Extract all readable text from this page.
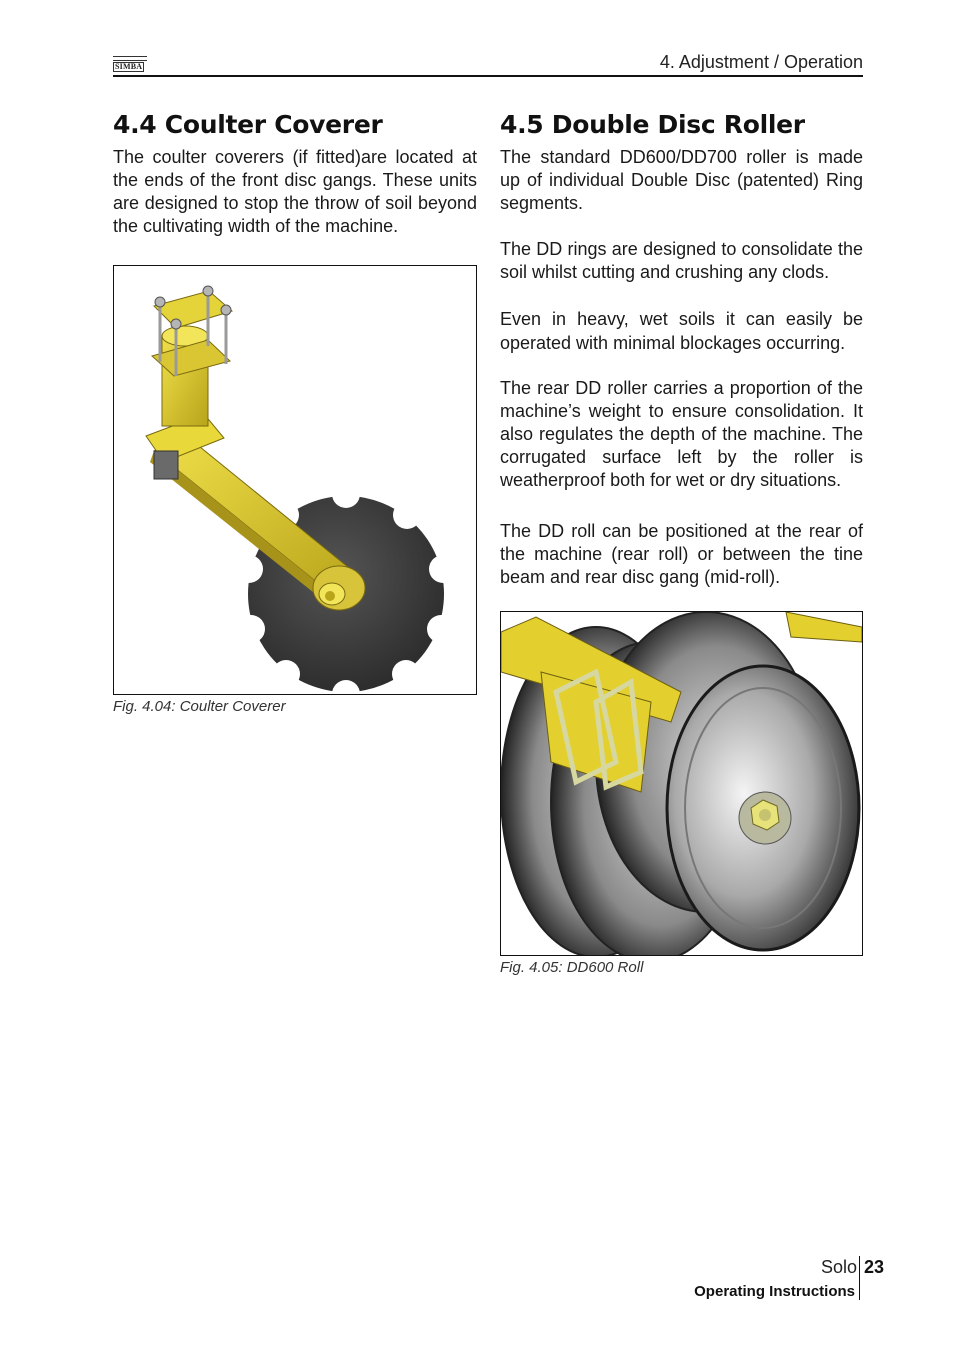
SIMBA	4. Adjustment / Operation
4.4 Coulter Coverer

The coulter coverers (if fitted)are located at the ends of the front disc gangs. These units are designed to stop the throw of soil beyond the cultivating width of the machine.

Fig. 4.04: Coulter Coverer
4.5 Double Disc Roller

The standard DD600/DD700 roller is made up of individual Double Disc (patented) Ring segments.

The DD rings are designed to consolidate the soil whilst cutting and crushing any clods.

Even in heavy, wet soils it can easily be operated with minimal blockages occurring.

The rear DD roller carries a proportion of the machine’s weight to ensure consolidation. It also regulates the depth of the machine. The corrugated surface left by the roller is weatherproof both for wet or dry situations.

The DD roll can be positioned at the rear of the machine (rear roll) or between the tine beam and rear disc gang (mid-roll).

Fig. 4.05: DD600 Roll
Solo 23
Operating Instructions
